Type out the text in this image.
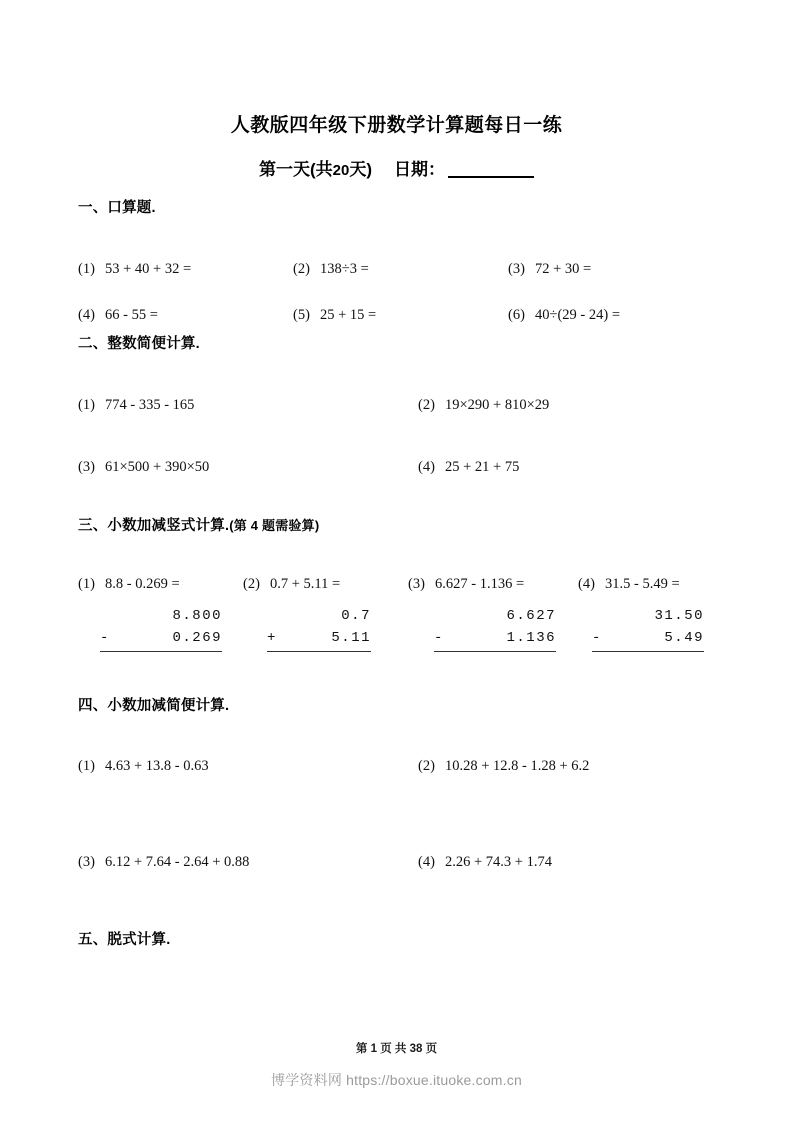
人教版四年级下册数学计算题每日一练
第一天(共20天) 日期：
一、口算题.
(1) 53 + 40 + 32 =	(2) 138÷3 =	(3) 72 + 30 =
(4) 66 - 55 =	(5) 25 + 15 =	(6) 40÷(29 - 24) =
二、整数简便计算.
(1) 774 - 335 - 165	(2) 19×290 + 810×29
(3) 61×500 + 390×50	(4) 25 + 21 + 75
三、小数加减竖式计算.(第 4 题需验算)
(1) 8.8 - 0.269 =	(2) 0.7 + 5.11 =	(3) 6.627 - 1.136 =	(4) 31.5 - 5.49 =
8.800
-	0.269
0.7
+	5.11
6.627
-	1.136
31.50
-	5.49
四、小数加减简便计算.
(1) 4.63 + 13.8 - 0.63	(2) 10.28 + 12.8 - 1.28 + 6.2
(3) 6.12 + 7.64 - 2.64 + 0.88	(4) 2.26 + 74.3 + 1.74
五、脱式计算.
第 1 页 共 38 页
博学资料网 https://boxue.ituoke.com.cn
